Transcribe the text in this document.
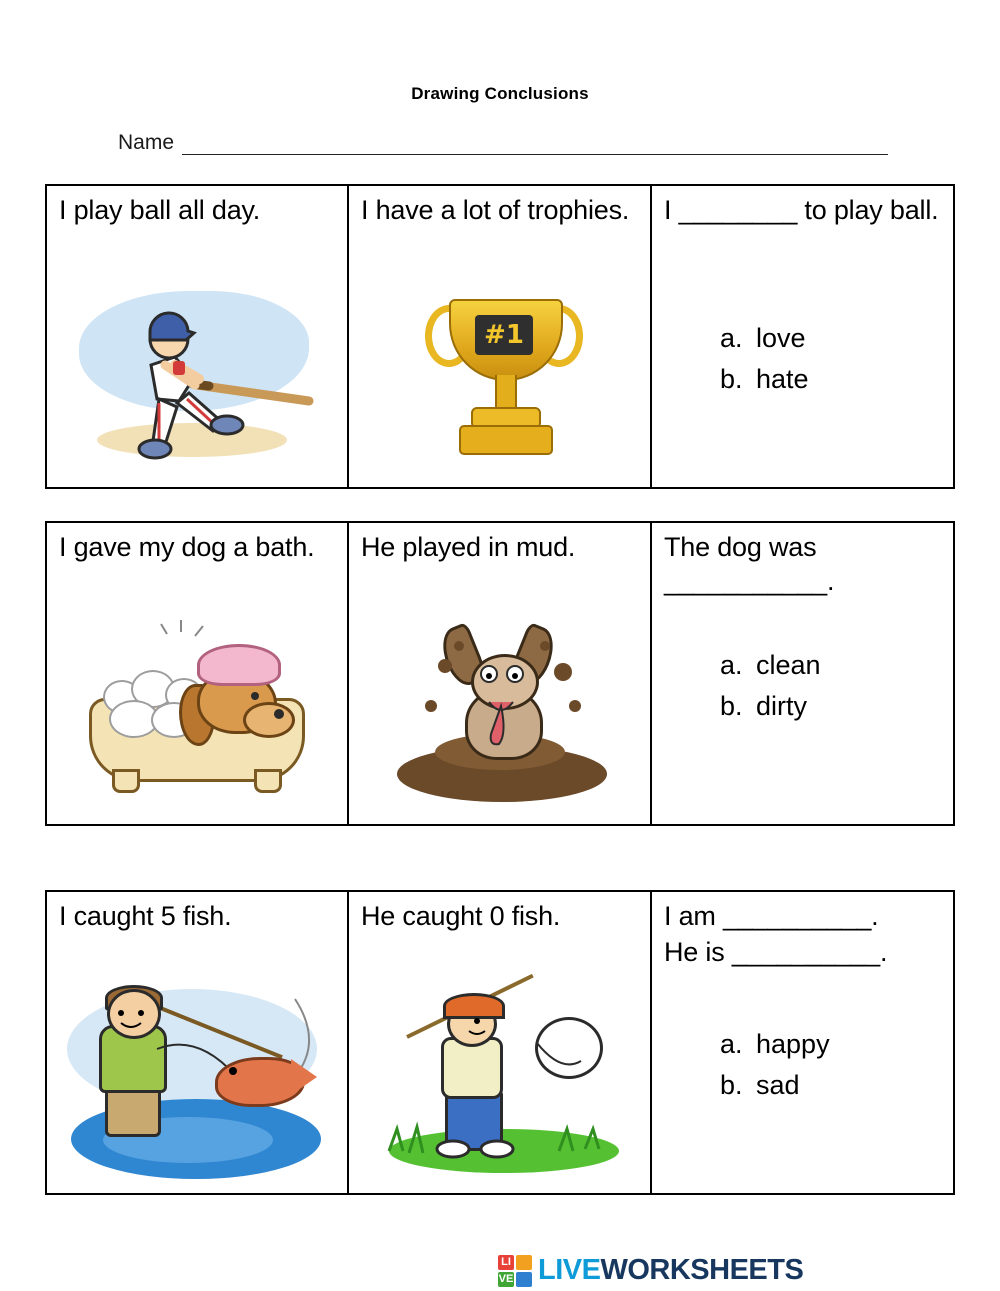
Drawing Conclusions
Name
I play ball all day.	I have a lot of trophies.
#1
I ________ to play ball.
a. love
b. hate
I gave my dog a bath.	He played in mud.	The dog was ___________.
a. clean
b. dirty
I caught 5 fish.	He caught 0 fish.	I am __________.
He is __________.
a. happy
b. sad
LI
VE LIVEWORKSHEETS
